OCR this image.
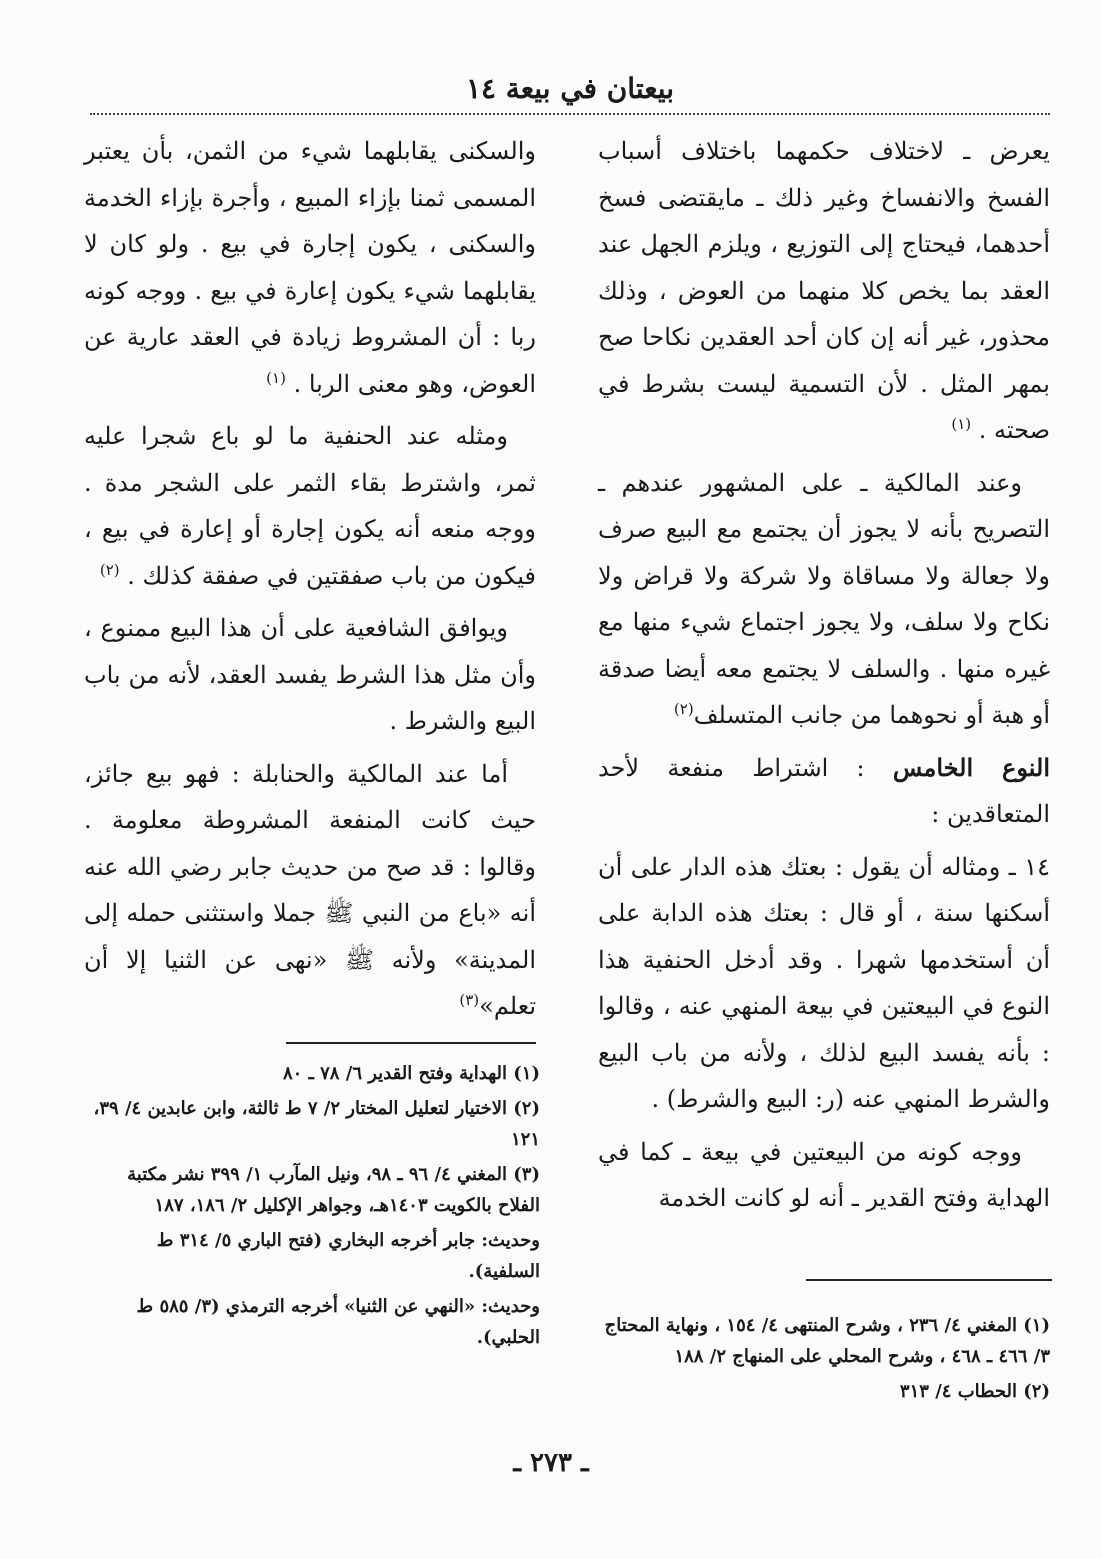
بيعتان في بيعة ١٤

يعرض ـ لاختلاف حكمهما باختلاف أسباب الفسخ والانفساخ وغير ذلك ـ مايقتضى فسخ أحدهما، فيحتاج إلى التوزيع ، ويلزم الجهل عند العقد بما يخص كلا منهما من العوض ، وذلك محذور، غير أنه إن كان أحد العقدين نكاحا صح بمهر المثل . لأن التسمية ليست بشرط في صحته . $^{(١)}$

وعند المالكية ـ على المشهور عندهم ـ التصريح بأنه لا يجوز أن يجتمع مع البيع صرف ولا جعالة ولا مساقاة ولا شركة ولا قراض ولا نكاح ولا سلف، ولا يجوز اجتماع شيء منها مع غيره منها . والسلف لا يجتمع معه أيضا صدقة أو هبة أو نحوهما من جانب المتسلف$^{(٢)}$

النوع الخامس : اشتراط منفعة لأحد المتعاقدين :

١٤ ـ ومثاله أن يقول : بعتك هذه الدار على أن أسكنها سنة ، أو قال : بعتك هذه الدابة على أن أستخدمها شهرا . وقد أدخل الحنفية هذا النوع في البيعتين في بيعة المنهي عنه ، وقالوا : بأنه يفسد البيع لذلك ، ولأنه من باب البيع والشرط المنهي عنه (ر: البيع والشرط) .

ووجه كونه من البيعتين في بيعة ـ كما في الهداية وفتح القدير ـ أنه لو كانت الخدمة

والسكنى يقابلهما شيء من الثمن، بأن يعتبر المسمى ثمنا بإزاء المبيع ، وأجرة بإزاء الخدمة والسكنى ، يكون إجارة في بيع . ولو كان لا يقابلهما شيء يكون إعارة في بيع . ووجه كونه ربا : أن المشروط زيادة في العقد عارية عن العوض، وهو معنى الربا . $^{(١)}$

ومثله عند الحنفية ما لو باع شجرا عليه ثمر، واشترط بقاء الثمر على الشجر مدة . ووجه منعه أنه يكون إجارة أو إعارة في بيع ، فيكون من باب صفقتين في صفقة كذلك . $^{(٢)}$

ويوافق الشافعية على أن هذا البيع ممنوع ، وأن مثل هذا الشرط يفسد العقد، لأنه من باب البيع والشرط .

أما عند المالكية والحنابلة : فهو بيع جائز، حيث كانت المنفعة المشروطة معلومة . وقالوا : قد صح من حديث جابر رضي الله عنه أنه «باع من النبي ﷺ جملا واستثنى حمله إلى المدينة» ولأنه ﷺ «نهى عن الثنيا إلا أن تعلم»$^{(٣)}$

(١) الهداية وفتح القدير ٦/ ٧٨ ـ ٨٠

(٢) الاختيار لتعليل المختار ٢/ ٧ ط ثالثة، وابن عابدين ٤/ ٣٩، ١٢١

(٣) المغني ٤/ ٩٦ ـ ٩٨، ونيل المآرب ١/ ٣٩٩ نشر مكتبة الفلاح بالكويت ١٤٠٣هـ، وجواهر الإكليل ٢/ ١٨٦، ١٨٧

وحديث: جابر أخرجه البخاري (فتح الباري ٥/ ٣١٤ ط السلفية).

وحديث: «النهي عن الثنيا» أخرجه الترمذي (٣/ ٥٨٥ ط الحلبي).

(١) المغني ٤/ ٢٣٦ ، وشرح المنتهى ٤/ ١٥٤ ، ونهاية المحتاج ٣/ ٤٦٦ ـ ٤٦٨ ، وشرح المحلي على المنهاج ٢/ ١٨٨

(٢) الحطاب ٤/ ٣١٣

ـ ٢٧٣ ـ
